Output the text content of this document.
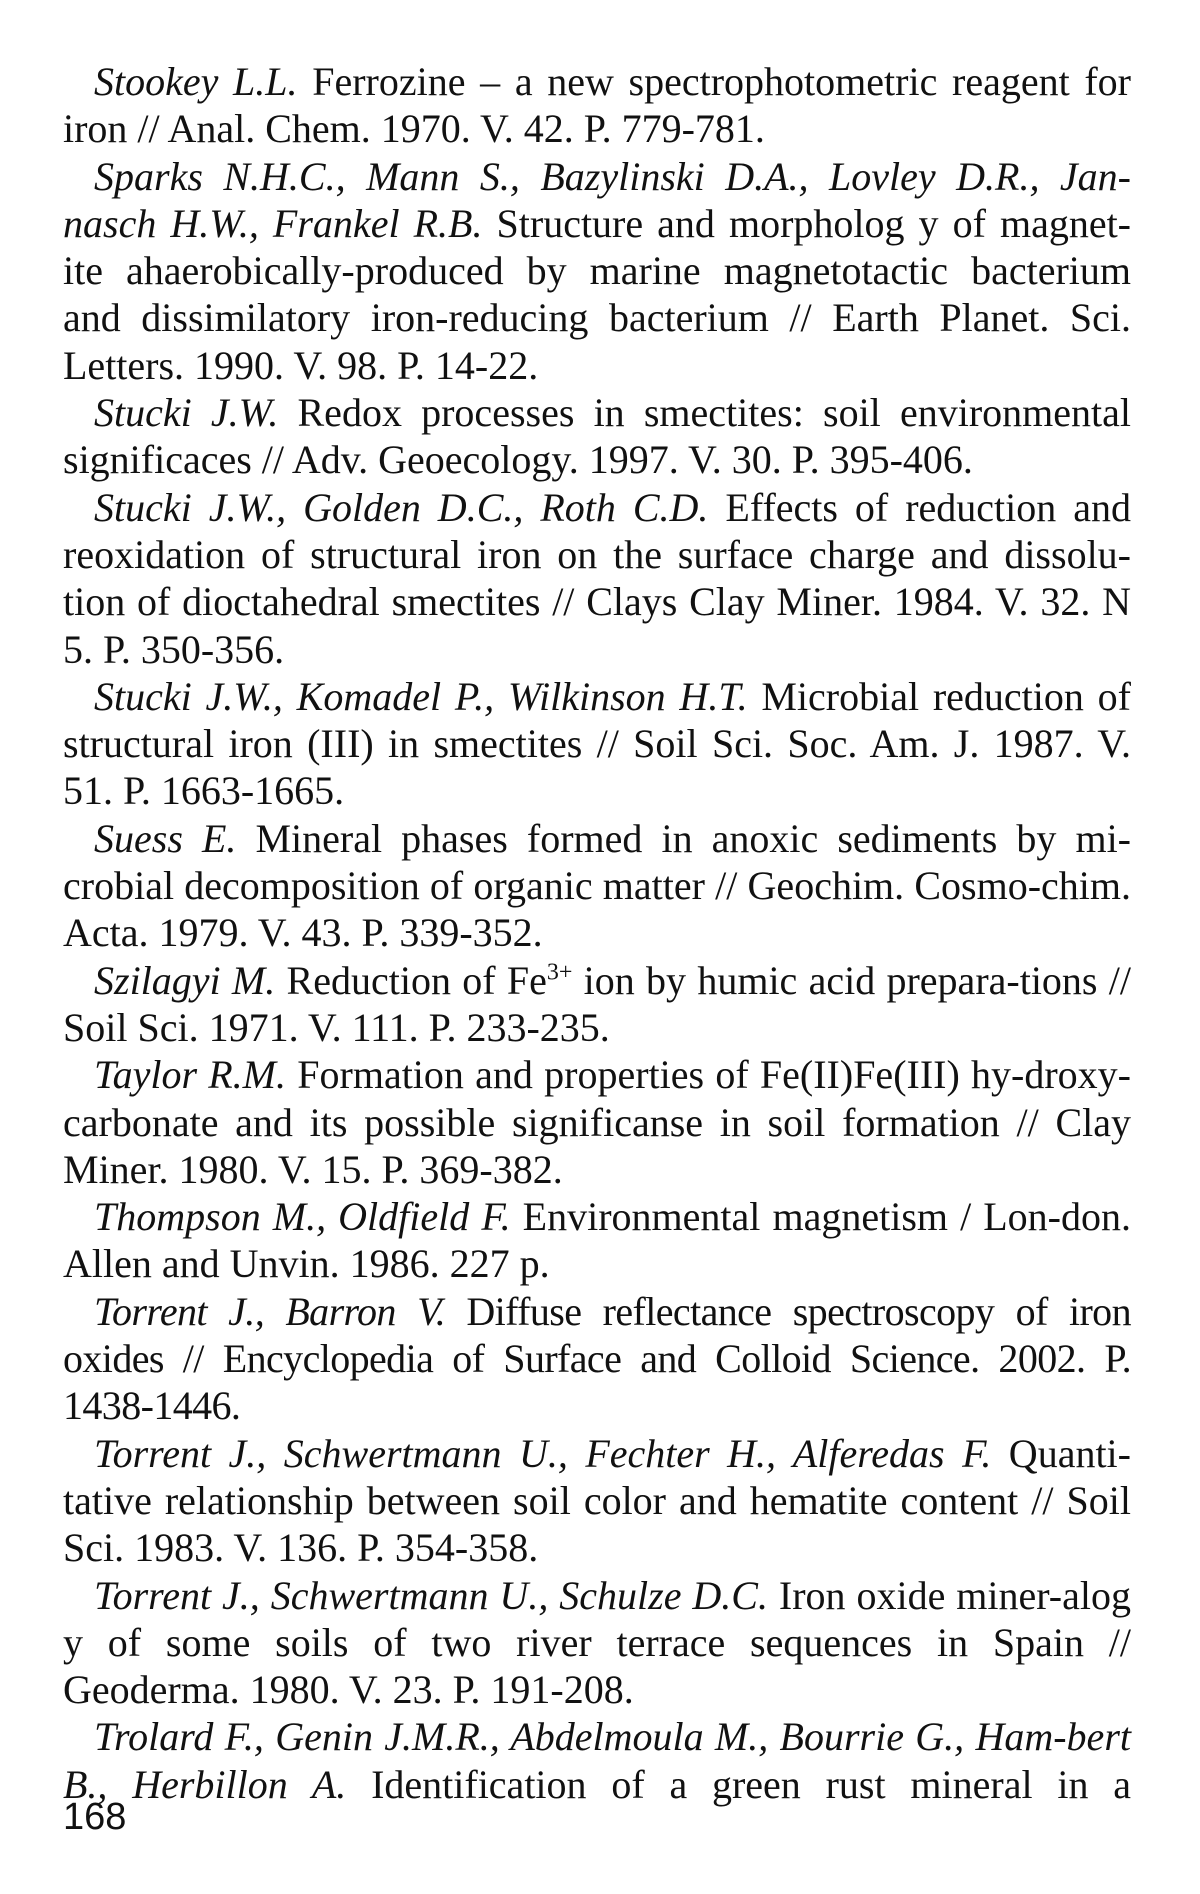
Stookey L.L. Ferrozine – a new spectrophotometric reagent for iron // Anal. Chem. 1970. V. 42. P. 779-781.

Sparks N.H.C., Mann S., Bazylinski D.A., Lovley D.R., Jan-nasch H.W., Frankel R.B. Structure and morpholog y of magnet-ite ahaerobically-produced by marine magnetotactic bacterium and dissimilatory iron-reducing bacterium // Earth Planet. Sci. Letters. 1990. V. 98. P. 14-22.

Stucki J.W. Redox processes in smectites: soil environmental significaces // Adv. Geoecology. 1997. V. 30. P. 395-406.

Stucki J.W., Golden D.C., Roth C.D. Effects of reduction and reoxidation of structural iron on the surface charge and dissolu-tion of dioctahedral smectites // Clays Clay Miner. 1984. V. 32. N 5. P. 350-356.

Stucki J.W., Komadel P., Wilkinson H.T. Microbial reduction of structural iron (III) in smectites // Soil Sci. Soc. Am. J. 1987. V. 51. P. 1663-1665.

Suess E. Mineral phases formed in anoxic sediments by mi-crobial decomposition of organic matter // Geochim. Cosmo-chim. Acta. 1979. V. 43. P. 339-352.

Szilagyi M. Reduction of $Fe^{3+}$ ion by humic acid prepara-tions // Soil Sci. 1971. V. 111. P. 233-235.

Taylor R.M. Formation and properties of Fe(II)Fe(III) hy-droxy-carbonate and its possible significanse in soil formation // Clay Miner. 1980. V. 15. P. 369-382.

Thompson M., Oldfield F. Environmental magnetism / Lon-don. Allen and Unvin. 1986. 227 p.

Torrent J., Barron V. Diffuse reflectance spectroscopy of iron oxides // Encyclopedia of Surface and Colloid Science. 2002. P. 1438-1446.

Torrent J., Schwertmann U., Fechter H., Alferedas F. Quanti-tative relationship between soil color and hematite content // Soil Sci. 1983. V. 136. P. 354-358.

Torrent J., Schwertmann U., Schulze D.C. Iron oxide miner-alog y of some soils of two river terrace sequences in Spain // Geoderma. 1980. V. 23. P. 191-208.

Trolard F., Genin J.M.R., Abdelmoula M., Bourrie G., Ham-bert B., Herbillon A. Identification of a green rust mineral in a

168
